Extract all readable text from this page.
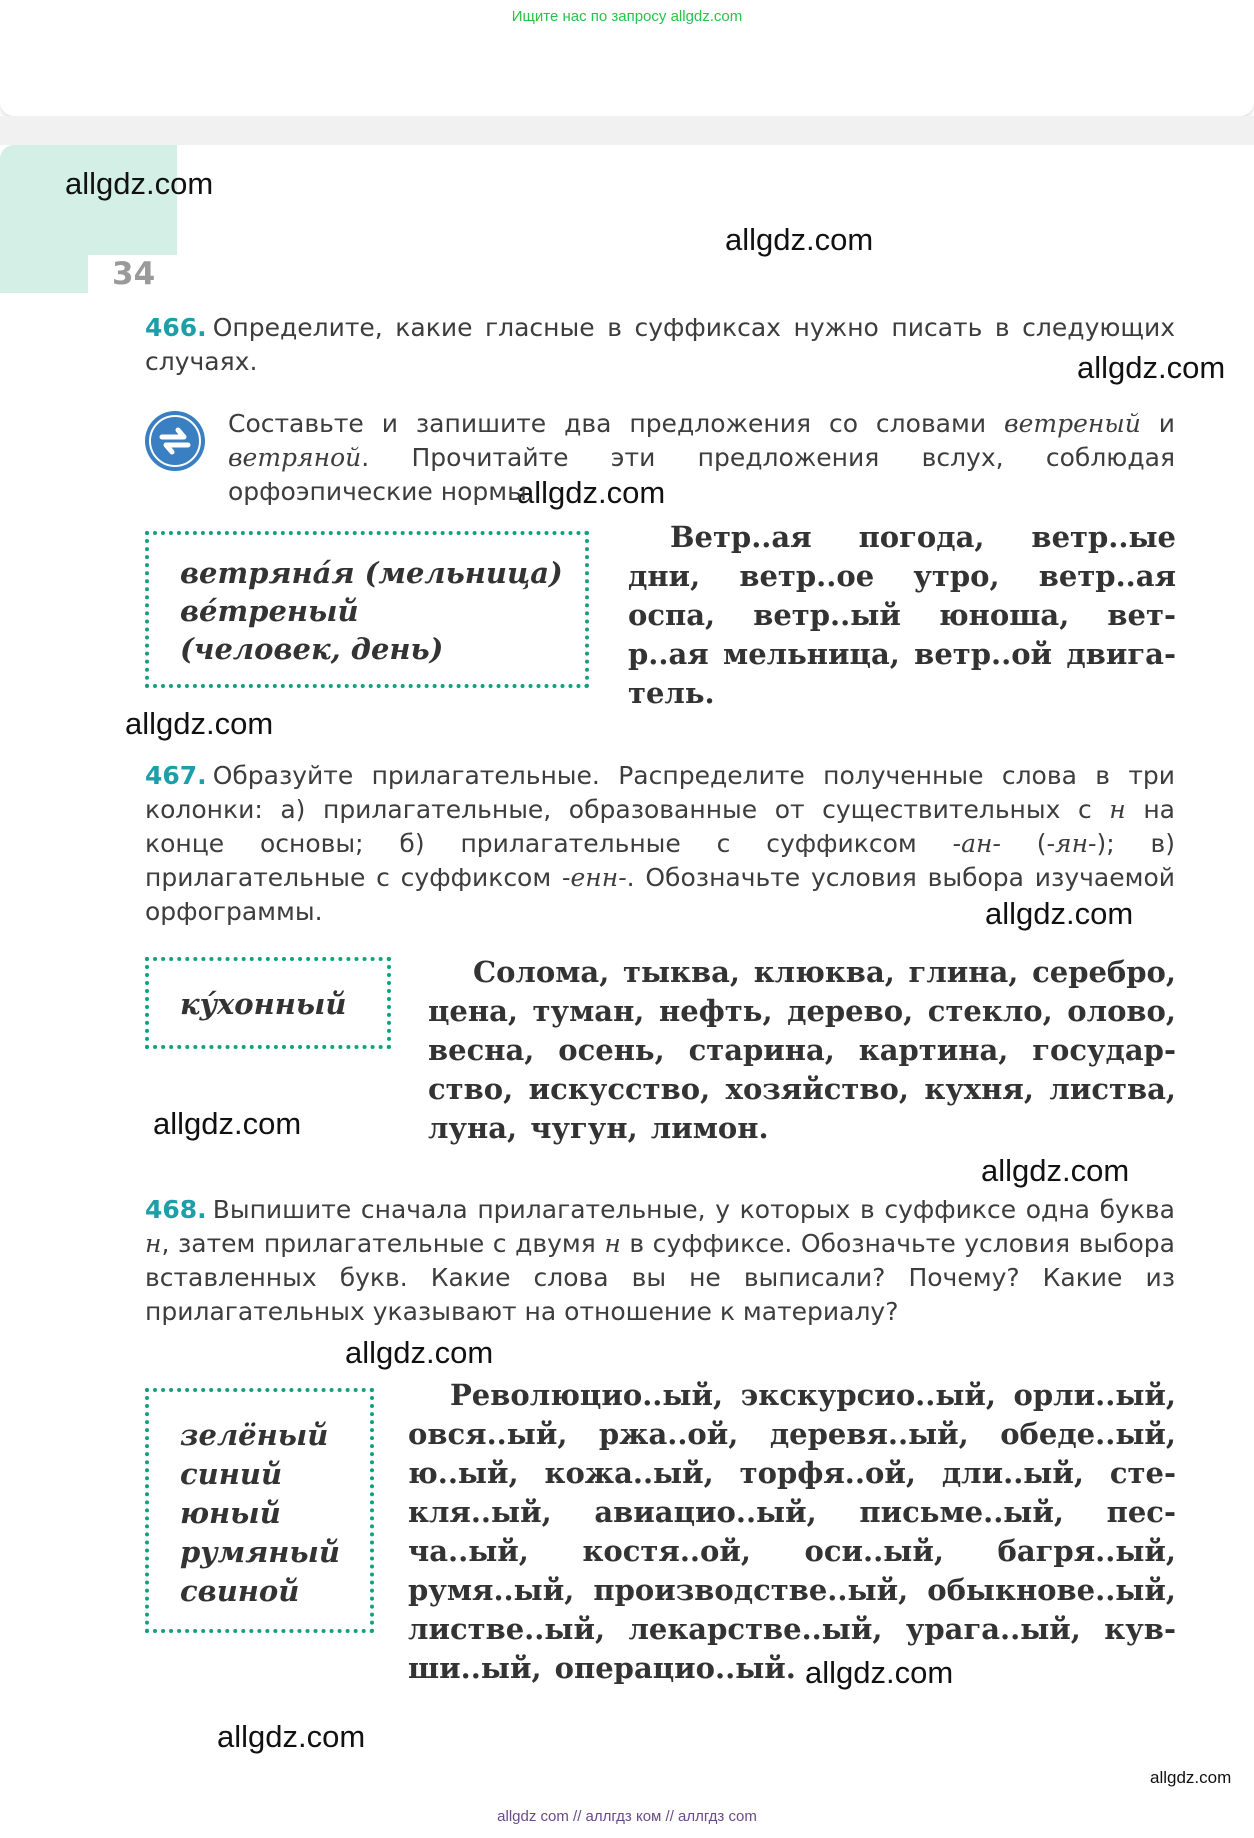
Ищите нас по запросу allgdz.com
34
allgdz.com
allgdz.com
allgdz.com
allgdz.com
allgdz.com
allgdz.com
allgdz.com
allgdz.com
allgdz.com
allgdz.com
allgdz.com
466. Определите, какие гласные в суффиксах нужно писать в следующих случаях.
Составьте и запишите два предложения со словами ветреный и ветряной. Прочитайте эти предложения вслух, соблюдая орфоэпические нормы.
ветряна́я (мельница)
ве́треный
(человек, день)

Ветр..ая погода, ветр..ые

дни, ветр..ое утро, ветр..ая

оспа, ветр..ый юноша, вет-

р..ая мельница, ветр..ой двига-

тель.

467. Образуйте прилагательные. Распределите полученные слова в три колонки: а) прилагательные, образованные от существительных с н на конце основы; б) прилагательные с суффиксом -ан- (-ян-); в) прилагательные с суффиксом -енн-. Обозначьте условия выбора изучаемой орфограммы.
ку́хонный

Солома, тыква, клюква, глина, серебро,

цена, туман, нефть, дерево, стекло, олово,

весна, осень, старина, картина, государ-

ство, искусство, хозяйство, кухня, листва,

луна, чугун, лимон.

468. Выпишите сначала прилагательные, у которых в суффиксе одна буква н, затем прилагательные с двумя н в суффиксе. Обозначьте условия выбора вставленных букв. Какие слова вы не выписали? Почему? Какие из прилагательных указывают на отношение к материалу?
зелёный
синий
юный
румяный
свиной

Революцио..ый, экскурсио..ый, орли..ый,

овся..ый, ржа..ой, деревя..ый, обеде..ый,

ю..ый, кожа..ый, торфя..ой, дли..ый, сте-

кля..ый, авиацио..ый, письме..ый, пес-

ча..ый, костя..ой, оси..ый, багря..ый,

румя..ый, производстве..ый, обыкнове..ый,

листве..ый, лекарстве..ый, урага..ый, кув-

ши..ый, операцио..ый.

allgdz.com
allgdz com // аллгдз ком // аллгдз com
